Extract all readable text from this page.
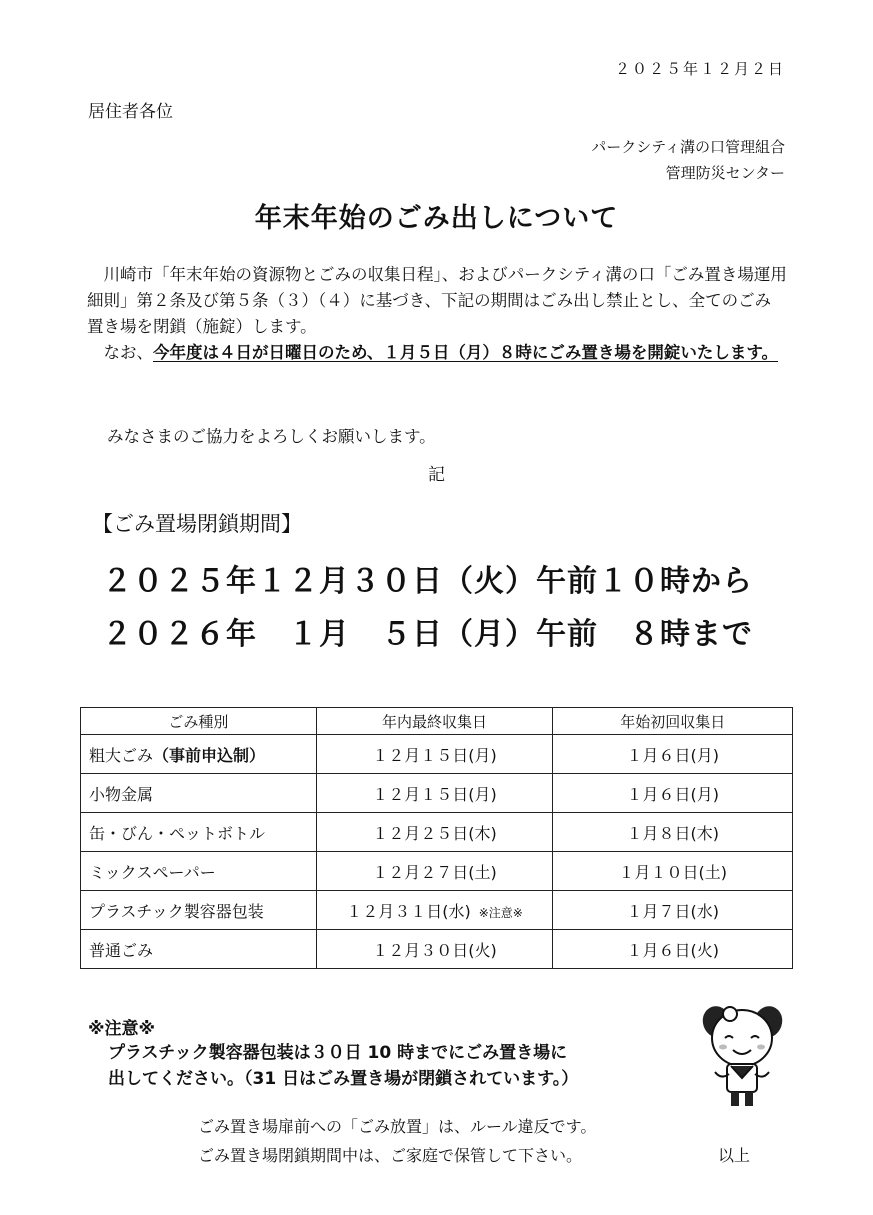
２０２５年１２月２日
居住者各位
パークシティ溝の口管理組合
管理防災センター
年末年始のごみ出しについて

川崎市「年末年始の資源物とごみの収集日程」、およびパークシティ溝の口「ごみ置き場運用細則」第２条及び第５条（３）（４）に基づき、下記の期間はごみ出し禁止とし、全てのごみ置き場を閉鎖（施錠）します。

なお、今年度は４日が日曜日のため、１月５日（月）８時にごみ置き場を開錠いたします。

みなさまのご協力をよろしくお願いします。
記
【ごみ置場閉鎖期間】
２０２５年１２月３０日（火）午前１０時から
２０２６年　１月　５日（月）午前　８時まで
ごみ種別	年内最終収集日	年始初回収集日
粗大ごみ（事前申込制）	１２月１５日(月)	１月６日(月)
小物金属	１２月１５日(月)	１月６日(月)
缶・びん・ペットボトル	１２月２５日(木)	１月８日(木)
ミックスペーパー	１２月２７日(土)	１月１０日(土)
プラスチック製容器包装	１２月３１日(水) ※注意※	１月７日(水)
普通ごみ	１２月３０日(火)	１月６日(火)
※注意※
プラスチック製容器包装は３０日 10 時までにごみ置き場に
出してください。（31 日はごみ置き場が閉鎖されています。）
ごみ置き場扉前への「ごみ放置」は、ルール違反です。
ごみ置き場閉鎖期間中は、ご家庭で保管して下さい。	以上
